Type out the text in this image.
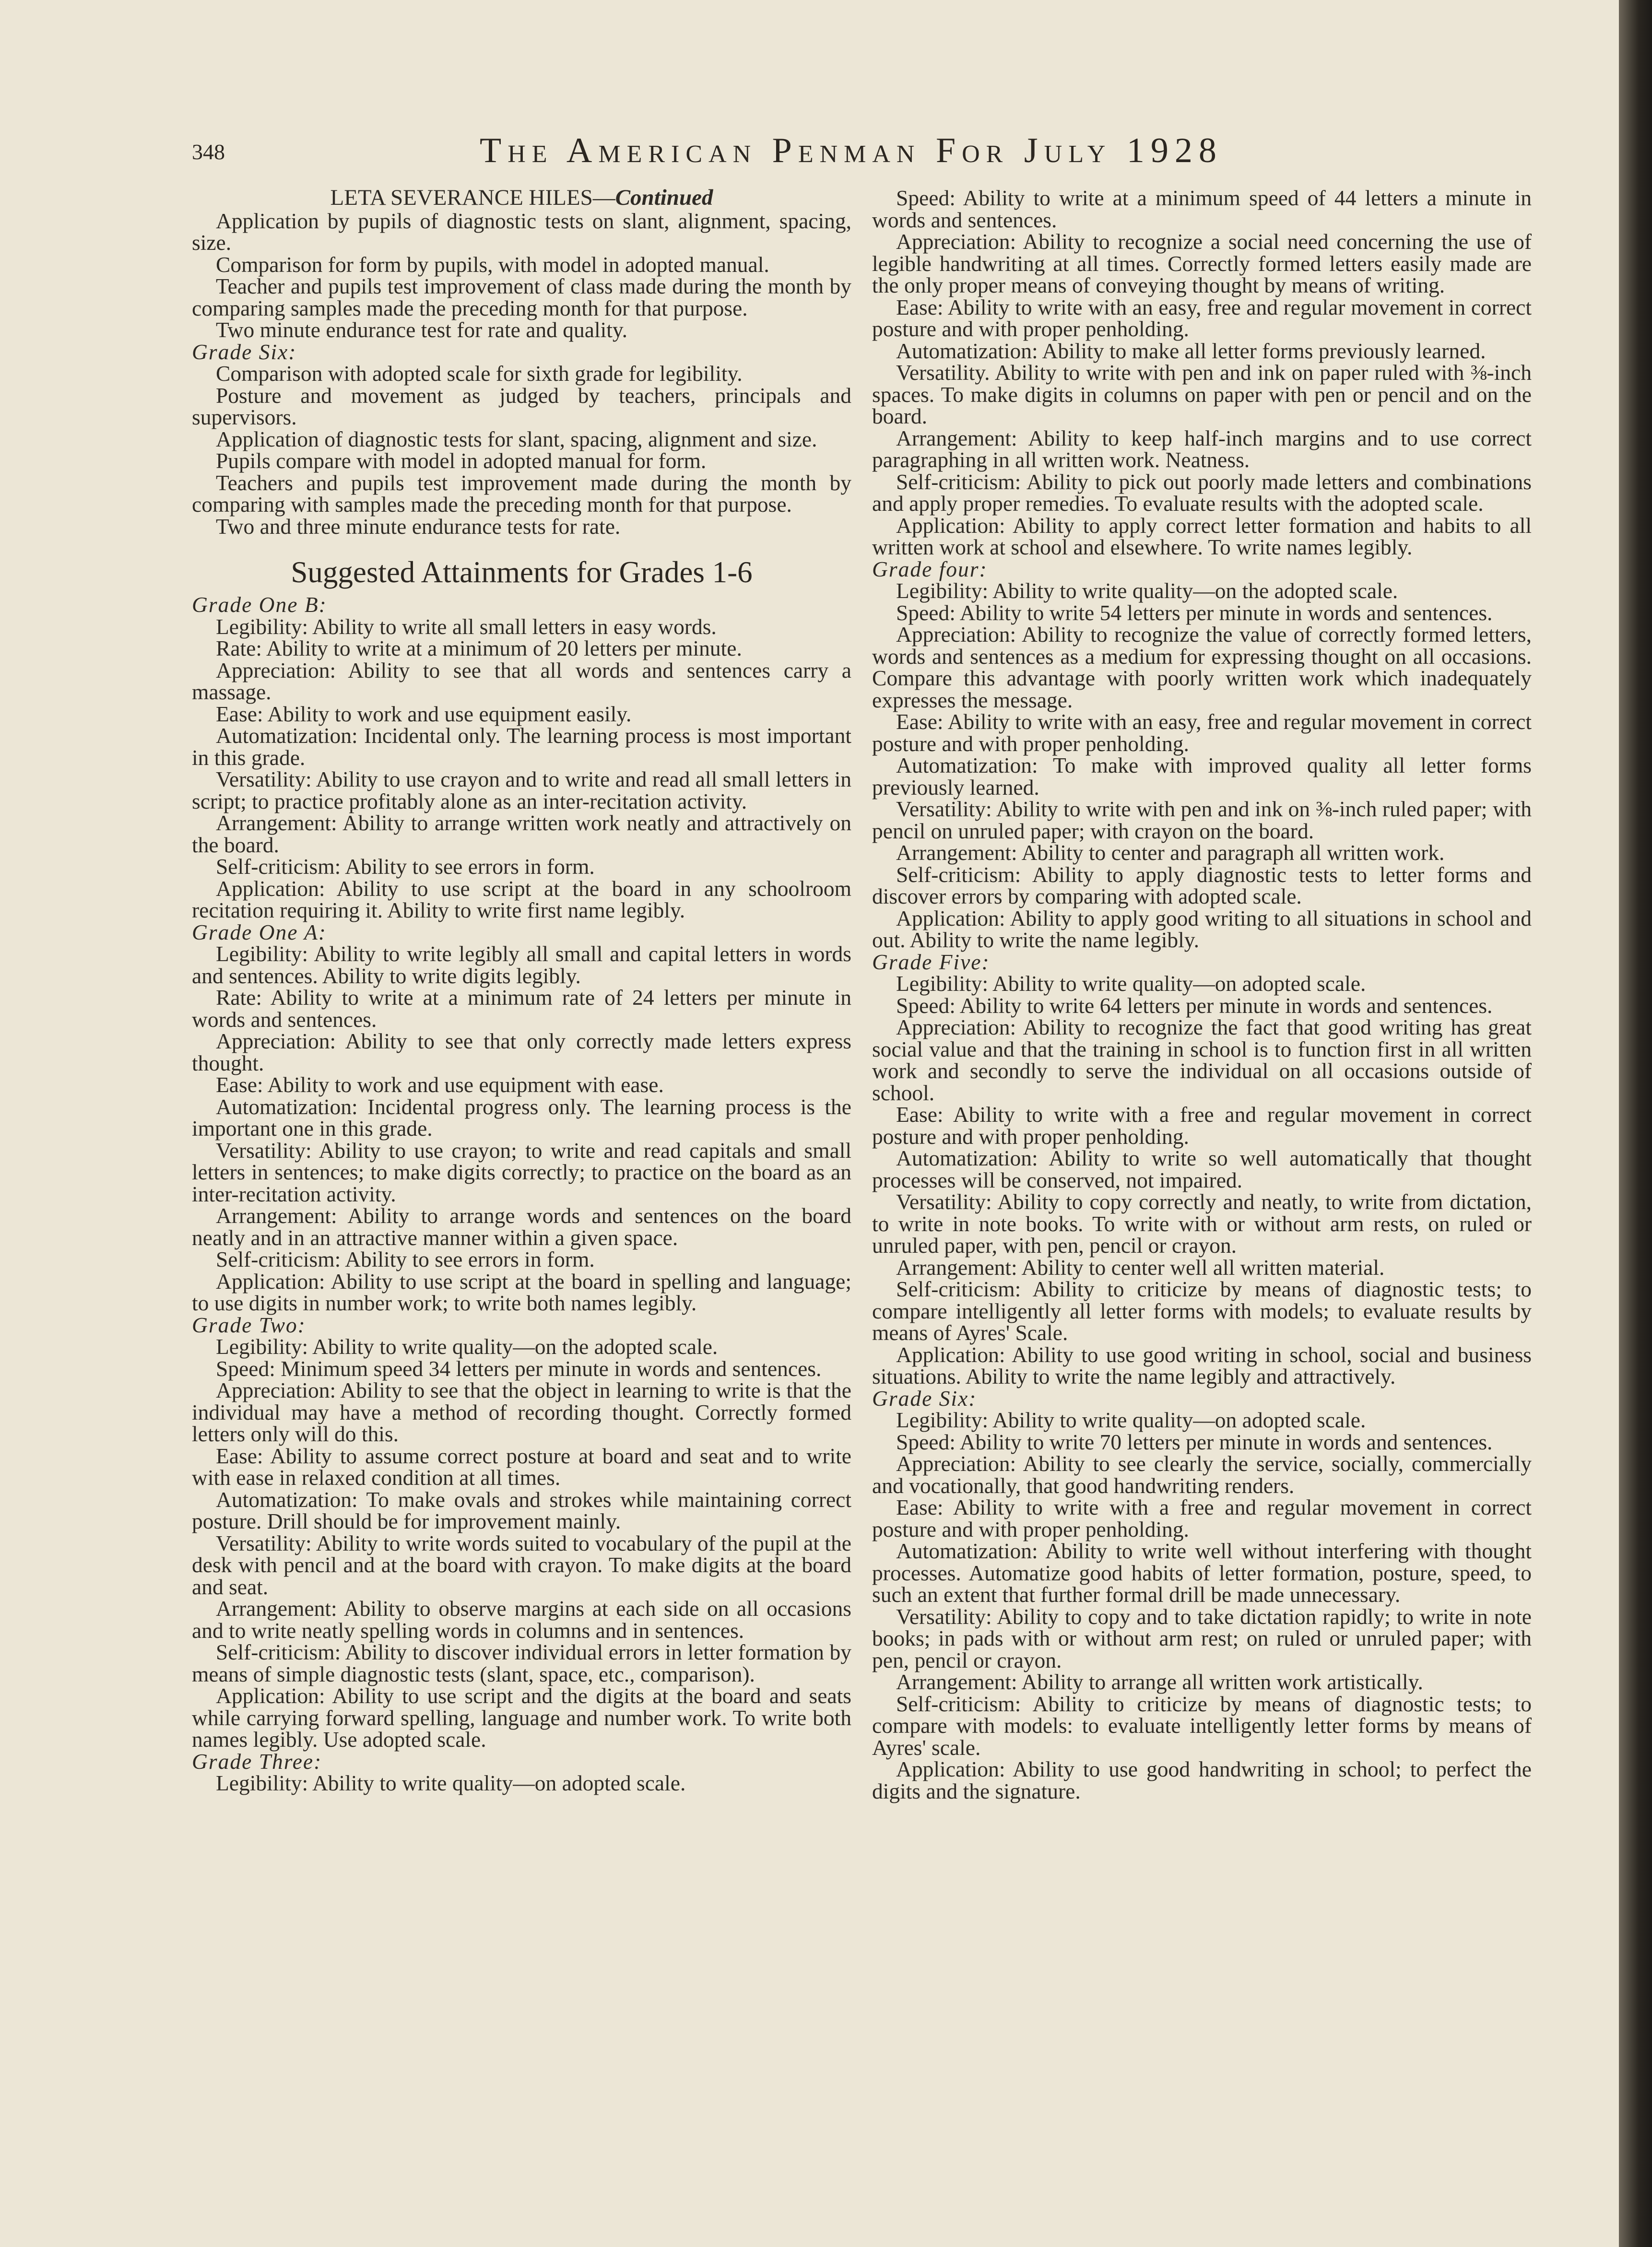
348	The American Penman For July 1928

LETA SEVERANCE HILES—Continued

Application by pupils of diagnostic tests on slant, alignment, spacing, size.

Comparison for form by pupils, with model in adopted manual.

Teacher and pupils test improvement of class made during the month by comparing samples made the preceding month for that purpose.

Two minute endurance test for rate and quality.

Grade Six:

Comparison with adopted scale for sixth grade for legibility.

Posture and movement as judged by teachers, principals and supervisors.

Application of diagnostic tests for slant, spacing, alignment and size.

Pupils compare with model in adopted manual for form.

Teachers and pupils test improvement made during the month by comparing with samples made the preceding month for that purpose.

Two and three minute endurance tests for rate.

Suggested Attainments for Grades 1-6

Grade One B:

Legibility: Ability to write all small letters in easy words.

Rate: Ability to write at a minimum of 20 letters per minute.

Appreciation: Ability to see that all words and sentences carry a massage.

Ease: Ability to work and use equipment easily.

Automatization: Incidental only. The learning process is most important in this grade.

Versatility: Ability to use crayon and to write and read all small letters in script; to practice profitably alone as an inter-recitation activity.

Arrangement: Ability to arrange written work neatly and attractively on the board.

Self-criticism: Ability to see errors in form.

Application: Ability to use script at the board in any schoolroom recitation requiring it. Ability to write first name legibly.

Grade One A:

Legibility: Ability to write legibly all small and capital letters in words and sentences. Ability to write digits legibly.

Rate: Ability to write at a minimum rate of 24 letters per minute in words and sentences.

Appreciation: Ability to see that only correctly made letters express thought.

Ease: Ability to work and use equipment with ease.

Automatization: Incidental progress only. The learning process is the important one in this grade.

Versatility: Ability to use crayon; to write and read capitals and small letters in sentences; to make digits correctly; to practice on the board as an inter-recitation activity.

Arrangement: Ability to arrange words and sentences on the board neatly and in an attractive manner within a given space.

Self-criticism: Ability to see errors in form.

Application: Ability to use script at the board in spelling and language; to use digits in number work; to write both names legibly.

Grade Two:

Legibility: Ability to write quality—on the adopted scale.

Speed: Minimum speed 34 letters per minute in words and sentences.

Appreciation: Ability to see that the object in learning to write is that the individual may have a method of recording thought. Correctly formed letters only will do this.

Ease: Ability to assume correct posture at board and seat and to write with ease in relaxed condition at all times.

Automatization: To make ovals and strokes while maintaining correct posture. Drill should be for improvement mainly.

Versatility: Ability to write words suited to vocabulary of the pupil at the desk with pencil and at the board with crayon. To make digits at the board and seat.

Arrangement: Ability to observe margins at each side on all occasions and to write neatly spelling words in columns and in sentences.

Self-criticism: Ability to discover individual errors in letter formation by means of simple diagnostic tests (slant, space, etc., comparison).

Application: Ability to use script and the digits at the board and seats while carrying forward spelling, language and number work. To write both names legibly. Use adopted scale.

Grade Three:

Legibility: Ability to write quality—on adopted scale.

Speed: Ability to write at a minimum speed of 44 letters a minute in words and sentences.

Appreciation: Ability to recognize a social need concerning the use of legible handwriting at all times. Correctly formed letters easily made are the only proper means of conveying thought by means of writing.

Ease: Ability to write with an easy, free and regular movement in correct posture and with proper penholding.

Automatization: Ability to make all letter forms previously learned.

Versatility. Ability to write with pen and ink on paper ruled with ⅜-inch spaces. To make digits in columns on paper with pen or pencil and on the board.

Arrangement: Ability to keep half-inch margins and to use correct paragraphing in all written work. Neatness.

Self-criticism: Ability to pick out poorly made letters and combinations and apply proper remedies. To evaluate results with the adopted scale.

Application: Ability to apply correct letter formation and habits to all written work at school and elsewhere. To write names legibly.

Grade four:

Legibility: Ability to write quality—on the adopted scale.

Speed: Ability to write 54 letters per minute in words and sentences.

Appreciation: Ability to recognize the value of correctly formed letters, words and sentences as a medium for expressing thought on all occasions. Compare this advantage with poorly written work which inadequately expresses the message.

Ease: Ability to write with an easy, free and regular movement in correct posture and with proper penholding.

Automatization: To make with improved quality all letter forms previously learned.

Versatility: Ability to write with pen and ink on ⅜-inch ruled paper; with pencil on unruled paper; with crayon on the board.

Arrangement: Ability to center and paragraph all written work.

Self-criticism: Ability to apply diagnostic tests to letter forms and discover errors by comparing with adopted scale.

Application: Ability to apply good writing to all situations in school and out. Ability to write the name legibly.

Grade Five:

Legibility: Ability to write quality—on adopted scale.

Speed: Ability to write 64 letters per minute in words and sentences.

Appreciation: Ability to recognize the fact that good writing has great social value and that the training in school is to function first in all written work and secondly to serve the individual on all occasions outside of school.

Ease: Ability to write with a free and regular movement in correct posture and with proper penholding.

Automatization: Ability to write so well automatically that thought processes will be conserved, not impaired.

Versatility: Ability to copy correctly and neatly, to write from dictation, to write in note books. To write with or without arm rests, on ruled or unruled paper, with pen, pencil or crayon.

Arrangement: Ability to center well all written material.

Self-criticism: Ability to criticize by means of diagnostic tests; to compare intelligently all letter forms with models; to evaluate results by means of Ayres' Scale.

Application: Ability to use good writing in school, social and business situations. Ability to write the name legibly and attractively.

Grade Six:

Legibility: Ability to write quality—on adopted scale.

Speed: Ability to write 70 letters per minute in words and sentences.

Appreciation: Ability to see clearly the service, socially, commercially and vocationally, that good handwriting renders.

Ease: Ability to write with a free and regular movement in correct posture and with proper penholding.

Automatization: Ability to write well without interfering with thought processes. Automatize good habits of letter formation, posture, speed, to such an extent that further formal drill be made unnecessary.

Versatility: Ability to copy and to take dictation rapidly; to write in note books; in pads with or without arm rest; on ruled or unruled paper; with pen, pencil or crayon.

Arrangement: Ability to arrange all written work artistically.

Self-criticism: Ability to criticize by means of diagnostic tests; to compare with models: to evaluate intelligently letter forms by means of Ayres' scale.

Application: Ability to use good handwriting in school; to perfect the digits and the signature.
